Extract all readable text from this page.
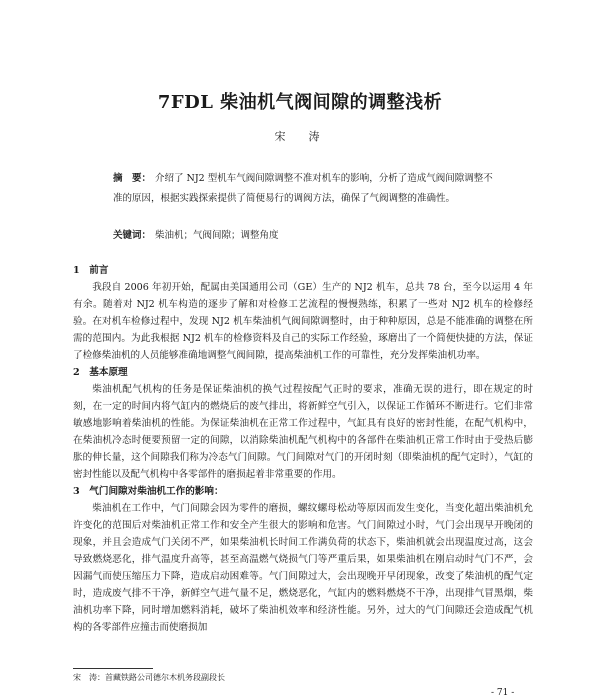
7FDL 柴油机气阀间隙的调整浅析
宋　涛
摘　要： 介绍了 NJ2 型机车气阀间隙调整不准对机车的影响，分析了造成气阀间隙调整不准的原因，根据实践探索提供了简便易行的调阀方法，确保了气阀调整的准确性。
关键词： 柴油机；气阀间隙；调整角度
1　前言

我段自 2006 年初开始，配属由美国通用公司（GE）生产的 NJ2 机车，总共 78 台，至今以运用 4 年有余。随着对 NJ2 机车构造的逐步了解和对检修工艺流程的慢慢熟练，积累了一些对 NJ2 机车的检修经验。在对机车检修过程中，发现 NJ2 机车柴油机气阀间隙调整时，由于种种原因，总是不能准确的调整在所需的范围内。为此我根据 NJ2 机车的检修资料及自己的实际工作经验，琢磨出了一个简便快捷的方法，保证了检修柴油机的人员能够准确地调整气阀间隙，提高柴油机工作的可靠性，充分发挥柴油机功率。

2　基本原理

柴油机配气机构的任务是保证柴油机的换气过程按配气正时的要求，准确无误的进行，即在规定的时刻，在一定的时间内将气缸内的燃烧后的废气排出，将新鲜空气引入，以保证工作循环不断进行。它们非常敏感地影响着柴油机的性能。为保证柴油机在正常工作过程中，气缸具有良好的密封性能，在配气机构中，在柴油机冷态时便要预留一定的间隙，以消除柴油机配气机构中的各部件在柴油机正常工作时由于受热后膨胀的伸长量，这个间隙我们称为冷态气门间隙。气门间隙对气门的开闭时刻（即柴油机的配气定时），气缸的密封性能以及配气机构中各零部件的磨损起着非常重要的作用。

3　气门间隙对柴油机工作的影响：

柴油机在工作中，气门间隙会因为零件的磨损，螺纹螺母松动等原因而发生变化，当变化超出柴油机允许变化的范围后对柴油机正常工作和安全产生很大的影响和危害。气门间隙过小时，气门会出现早开晚闭的现象，并且会造成气门关闭不严，如果柴油机长时间工作满负荷的状态下，柴油机就会出现温度过高，这会导致燃烧恶化，排气温度升高等，甚至高温燃气烧损气门等严重后果，如果柴油机在刚启动时气门不严，会因漏气而使压缩压力下降，造成启动困难等。气门间隙过大，会出现晚开早闭现象，改变了柴油机的配气定时，造成废气排不干净，新鲜空气进气量不足，燃烧恶化，气缸内的燃料燃烧不干净，出现排气冒黑烟，柴油机功率下降，同时增加燃料消耗，破坏了柴油机效率和经济性能。另外，过大的气门间隙还会造成配气机构的各零部件应撞击而使磨损加

宋　涛：首藏铁路公司德尔木机务段副段长
- 71 -
